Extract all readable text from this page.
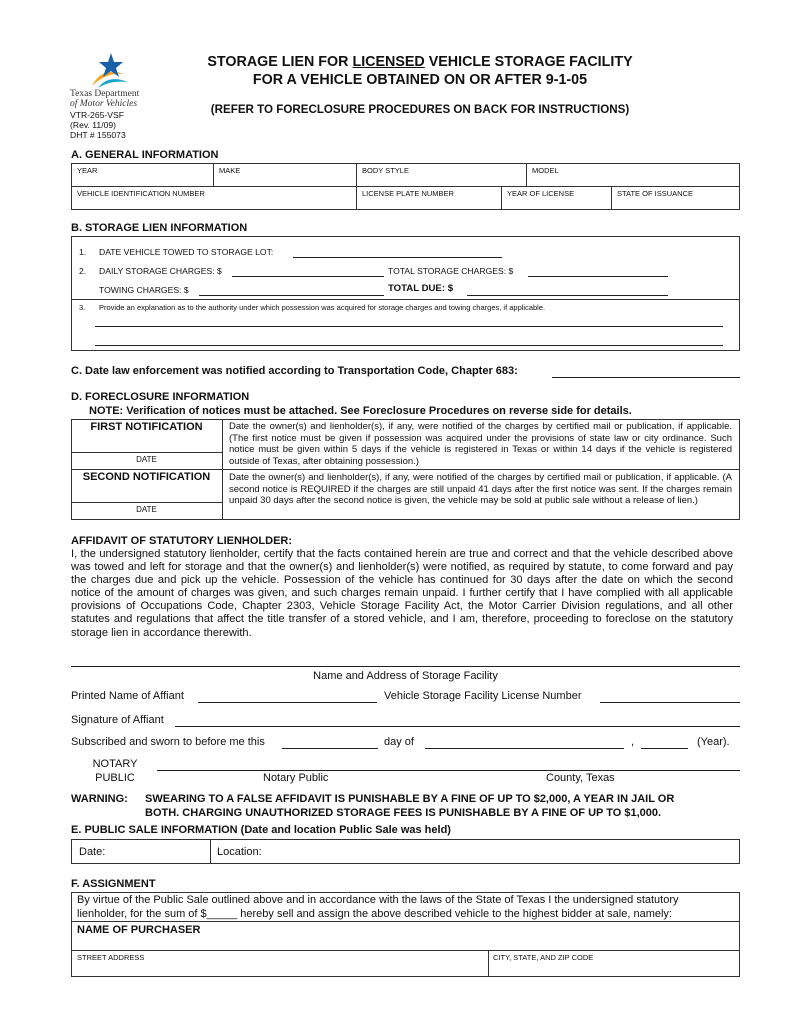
Texas Department
of Motor Vehicles
VTR-265-VSF
(Rev. 11/09)
DHT # 155073
STORAGE LIEN FOR LICENSED VEHICLE STORAGE FACILITY
FOR A VEHICLE OBTAINED ON OR AFTER 9-1-05
(REFER TO FORECLOSURE PROCEDURES ON BACK FOR INSTRUCTIONS)
A. GENERAL INFORMATION
YEAR	MAKE	BODY STYLE	MODEL
VEHICLE IDENTIFICATION NUMBER	LICENSE PLATE NUMBER	YEAR OF LICENSE	STATE OF ISSUANCE
B. STORAGE LIEN INFORMATION
1. DATE VEHICLE TOWED TO STORAGE LOT:
2. DAILY STORAGE CHARGES: $	TOTAL STORAGE CHARGES: $
TOWING CHARGES: $	TOTAL DUE: $
3. Provide an explanation as to the authority under which possession was acquired for storage charges and towing charges, if applicable.
C. Date law enforcement was notified according to Transportation Code, Chapter 683:
D. FORECLOSURE INFORMATION
NOTE: Verification of notices must be attached. See Foreclosure Procedures on reverse side for details.
FIRST NOTIFICATION
DATE
Date the owner(s) and lienholder(s), if any, were notified of the charges by certified mail or publication, if applicable. (The first notice must be given if possession was acquired under the provisions of state law or city ordinance. Such notice must be given within 5 days if the vehicle is registered in Texas or within 14 days if the vehicle is registered outside of Texas, after obtaining possession.)
SECOND NOTIFICATION
DATE
Date the owner(s) and lienholder(s), if any, were notified of the charges by certified mail or publication, if applicable. (A second notice is REQUIRED if the charges are still unpaid 41 days after the first notice was sent. If the charges remain unpaid 30 days after the second notice is given, the vehicle may be sold at public sale without a release of lien.)
AFFIDAVIT OF STATUTORY LIENHOLDER:
I, the undersigned statutory lienholder, certify that the facts contained herein are true and correct and that the vehicle described above was towed and left for storage and that the owner(s) and lienholder(s) were notified, as required by statute, to come forward and pay the charges due and pick up the vehicle. Possession of the vehicle has continued for 30 days after the date on which the second notice of the amount of charges was given, and such charges remain unpaid. I further certify that I have complied with all applicable provisions of Occupations Code, Chapter 2303, Vehicle Storage Facility Act, the Motor Carrier Division regulations, and all other statutes and regulations that affect the title transfer of a stored vehicle, and I am, therefore, proceeding to foreclose on the statutory storage lien in accordance therewith.
Name and Address of Storage Facility
Printed Name of Affiant	Vehicle Storage Facility License Number
Signature of Affiant
Subscribed and sworn to before me this	day of	,	(Year).
NOTARY
PUBLIC	Notary Public	County, Texas
WARNING: SWEARING TO A FALSE AFFIDAVIT IS PUNISHABLE BY A FINE OF UP TO $2,000, A YEAR IN JAIL OR
BOTH. CHARGING UNAUTHORIZED STORAGE FEES IS PUNISHABLE BY A FINE OF UP TO $1,000.
E. PUBLIC SALE INFORMATION (Date and location Public Sale was held)
Date:	Location:
F. ASSIGNMENT
By virtue of the Public Sale outlined above and in accordance with the laws of the State of Texas I the undersigned statutory
lienholder, for the sum of $_____ hereby sell and assign the above described vehicle to the highest bidder at sale, namely:
NAME OF PURCHASER
STREET ADDRESS	CITY, STATE, AND ZIP CODE
